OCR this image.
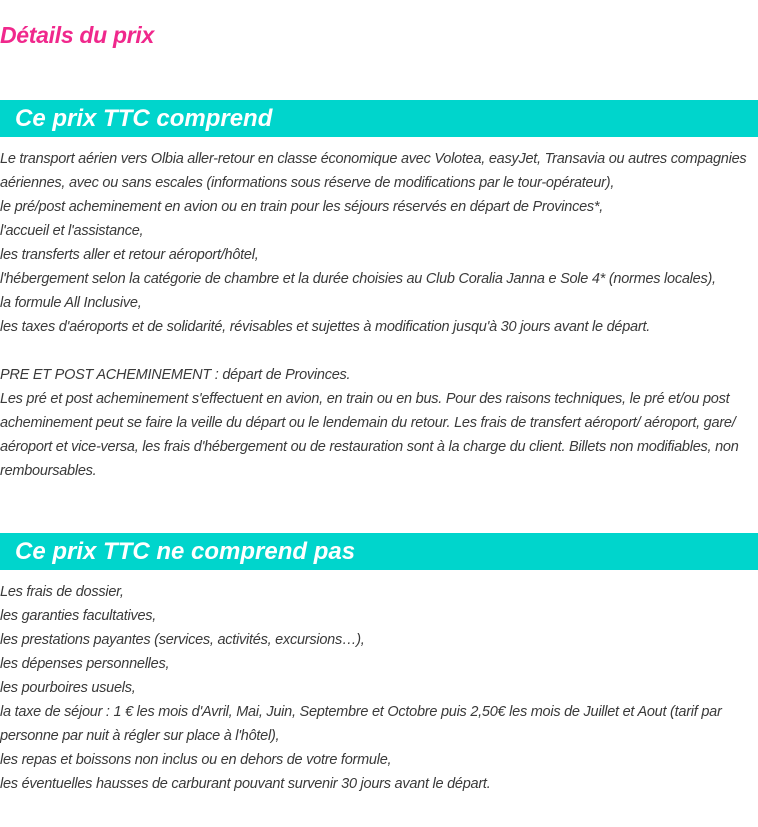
Détails du prix
Ce prix TTC comprend
Le transport aérien vers Olbia aller-retour en classe économique avec Volotea, easyJet, Transavia ou autres compagnies
aériennes, avec ou sans escales (informations sous réserve de modifications par le tour-opérateur),
le pré/post acheminement en avion ou en train pour les séjours réservés en départ de Provinces*,
l'accueil et l'assistance,
les transferts aller et retour aéroport/hôtel,
l'hébergement selon la catégorie de chambre et la durée choisies au Club Coralia Janna e Sole 4* (normes locales),
la formule All Inclusive,
les taxes d'aéroports et de solidarité, révisables et sujettes à modification jusqu'à 30 jours avant le départ.
PRE ET POST ACHEMINEMENT : départ de Provinces.
Les pré et post acheminement s'effectuent en avion, en train ou en bus. Pour des raisons techniques, le pré et/ou post
acheminement peut se faire la veille du départ ou le lendemain du retour. Les frais de transfert aéroport/ aéroport, gare/
aéroport et vice-versa, les frais d'hébergement ou de restauration sont à la charge du client. Billets non modifiables, non
remboursables.
Ce prix TTC ne comprend pas
Les frais de dossier,
les garanties facultatives,
les prestations payantes (services, activités, excursions…),
les dépenses personnelles,
les pourboires usuels,
la taxe de séjour : 1 € les mois d'Avril, Mai, Juin, Septembre et Octobre puis 2,50€ les mois de Juillet et Aout (tarif par
personne par nuit à régler sur place à l'hôtel),
les repas et boissons non inclus ou en dehors de votre formule,
les éventuelles hausses de carburant pouvant survenir 30 jours avant le départ.
